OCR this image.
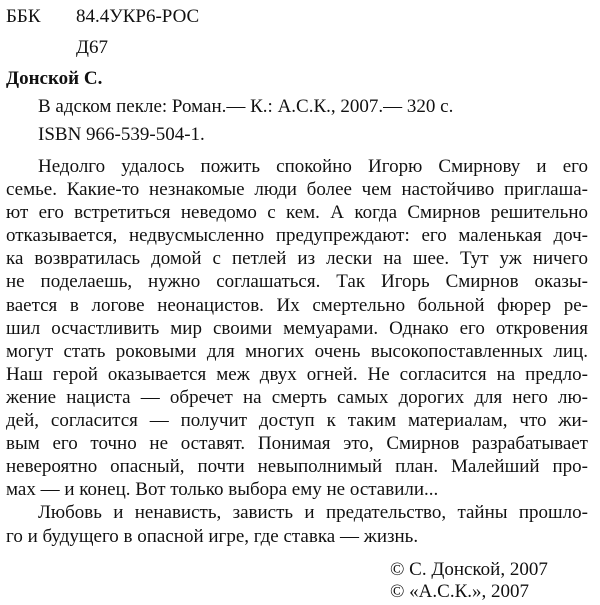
ББК 84.4УКР6-РОС
Д67
Донской С.
В адском пекле: Роман.— К.: А.С.К., 2007.— 320 с.
ISBN 966-539-504-1.
Недолго удалось пожить спокойно Игорю Смирнову и его
семье. Какие-то незнакомые люди более чем настойчиво приглаша-
ют его встретиться неведомо с кем. А когда Смирнов решительно
отказывается, недвусмысленно предупреждают: его маленькая доч-
ка возвратилась домой с петлей из лески на шее. Тут уж ничего
не поделаешь, нужно соглашаться. Так Игорь Смирнов оказы-
вается в логове неонацистов. Их смертельно больной фюрер ре-
шил осчастливить мир своими мемуарами. Однако его откровения
могут стать роковыми для многих очень высокопоставленных лиц.
Наш герой оказывается меж двух огней. Не согласится на предло-
жение нациста — обречет на смерть самых дорогих для него лю-
дей, согласится — получит доступ к таким материалам, что жи-
вым его точно не оставят. Понимая это, Смирнов разрабатывает
невероятно опасный, почти невыполнимый план. Малейший про-
мах — и конец. Вот только выбора ему не оставили...
Любовь и ненависть, зависть и предательство, тайны прошло-
го и будущего в опасной игре, где ставка — жизнь.
© С. Донской, 2007
© «А.С.К.», 2007
